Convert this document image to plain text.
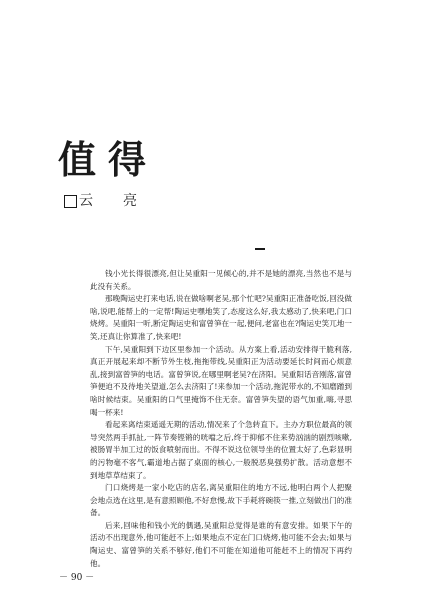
值得
云 亮

钱小光长得很漂亮,但让吴重阳一见倾心的,并不是她的漂亮,当然也不是与此没有关系。

那晚陶运史打来电话,说在做啥啊老吴,那个忙吧?吴重阳正准备吃饭,回没做啥,说吧,能帮上的一定帮!陶运史嘿地笑了,态度这么好,我太感动了,快来吧,门口烧烤。吴重阳一听,断定陶运史和富曾笋在一起,便问,老富也在?陶运史笑兀地一笑,还真让你算准了,快来吧!

下午,吴重阳到下边区里参加一个活动。从方案上看,活动安排得干脆利落,真正开展起来却不断节外生枝,拖拖带线,吴重阳正为活动要延长时间而心烦意乱,接到富曾笋的电话。富曾笋说,在哪里啊老吴?在济阳。吴重阳话音刚落,富曾笋便迫不及待地关望道,怎么去济阳了!来参加一个活动,拖泥带水的,不知磨蹭到啥时候结束。吴重阳的口气里掩饰不住无奈。富曾笋失望的语气加重,嗨,寻思喝一杯来!

看起来离结束遥遥无期的活动,情况来了个急转直下。主办方职位最高的领导突然两手抓扯,一阵节奏铿锵的咣噹之后,终于抑郁不住来势汹汹的剧烈咳嗽,被肠胃半加工过的饭食喷射而出。不得不说这位领导坐的位置太好了,色彩显明的污物毫不客气,霸道地占据了桌面的核心,一般脱恶臭强势扩散。活动意想不到地草草结束了。

门口烧烤是一家小吃店的店名,离吴重阳住的地方不远,他明白两个人把聚会地点选在这里,是有意照顾他,不好怠慢,故下手耗将碗筷一推,立刻做出门的准备。

后来,回味他和钱小光的偶遇,吴重阳总觉得是谁的有意安排。如果下午的活动不出现意外,他可能赶不上;如果地点不定在门口烧烤,他可能不会去;如果与陶运史、富曾笋的关系不够好,他们不可能在知道他可能赶不上的情况下再约他。

－ 90 －
